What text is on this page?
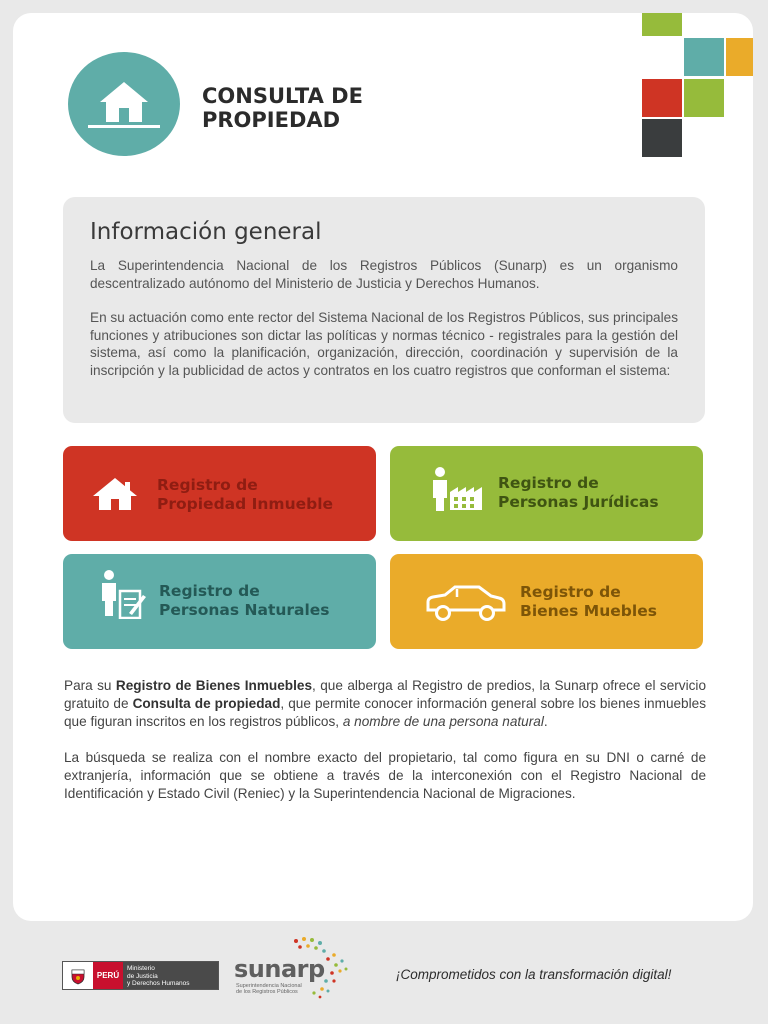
CONSULTA DE
PROPIEDAD
Información general

La Superintendencia Nacional de los Registros Públicos (Sunarp) es un organismo descentralizado autónomo del Ministerio de Justicia y Derechos Humanos.

En su actuación como ente rector del Sistema Nacional de los Registros Públicos, sus principales funciones y atribuciones son dictar las políticas y normas técnico - registrales para la gestión del sistema, así como la planificación, organización, dirección, coordinación y supervisión de la inscripción y la publicidad de actos y contratos en los cuatro registros que conforman el sistema:

Registro de
Propiedad Inmueble
Registro de
Personas Jurídicas
Registro de
Personas Naturales
Registro de
Bienes Muebles

Para su Registro de Bienes Inmuebles, que alberga al Registro de predios, la Sunarp ofrece el servicio gratuito de Consulta de propiedad, que permite conocer información general sobre los bienes inmuebles que figuran inscritos en los registros públicos, a nombre de una persona natural.

La búsqueda se realiza con el nombre exacto del propietario, tal como figura en su DNI o carné de extranjería, información que se obtiene a través de la interconexión con el Registro Nacional de Identificación y Estado Civil (Reniec) y la Superintendencia Nacional de Migraciones.

PERÚ
Ministerio
de Justicia
y Derechos Humanos
sunarp
Superintendencia Nacional
de los Registros Públicos
¡Comprometidos con la transformación digital!
